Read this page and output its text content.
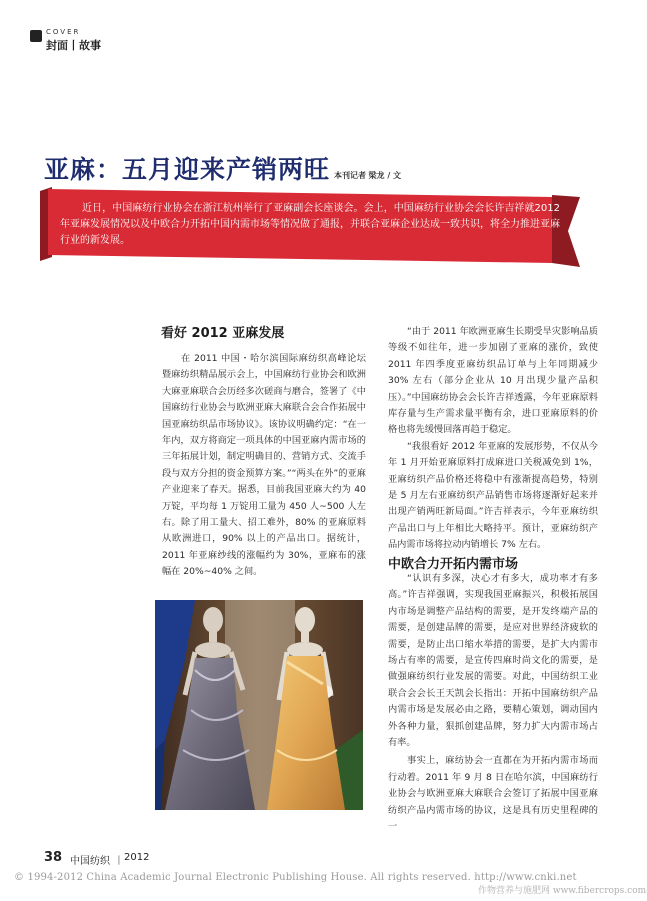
COVER
封面丨故事
亚麻：五月迎来产销两旺 本刊记者 梁龙 / 文

近日，中国麻纺行业协会在浙江杭州举行了亚麻副会长座谈会。会上，中国麻纺行业协会会长许吉祥就2012年亚麻发展情况以及中欧合力开拓中国内需市场等情况做了通报，并联合亚麻企业达成一致共识，将全力推进亚麻行业的新发展。

看好 2012 亚麻发展

在 2011 中国・哈尔滨国际麻纺织高峰论坛暨麻纺织精品展示会上，中国麻纺行业协会和欧洲大麻亚麻联合会历经多次磋商与磨合，签署了《中国麻纺行业协会与欧洲亚麻大麻联合会合作拓展中国亚麻纺织品市场协议》。该协议明确约定：“在一年内，双方将商定一项具体的中国亚麻内需市场的三年拓展计划，制定明确目的、营销方式、交流手段与双方分担的资金预算方案。”“两头在外”的亚麻产业迎来了春天。据悉，目前我国亚麻大约为 40 万锭，平均每 1 万锭用工量为 450 人~500 人左右。除了用工量大、招工难外，80% 的亚麻原料从欧洲进口，90% 以上的产品出口。据统计，2011 年亚麻纱线的涨幅约为 30%，亚麻布的涨幅在 20%~40% 之间。

“由于 2011 年欧洲亚麻生长期受旱灾影响品质等级不如往年，进一步加剧了亚麻的涨价，致使 2011 年四季度亚麻纺织品订单与上年同期减少 30% 左右（部分企业从 10 月出现少量产品积压）。”中国麻纺协会会长许吉祥透露，今年亚麻原料库存量与生产需求量平衡有余，进口亚麻原料的价格也将先缓慢回落再趋于稳定。

“我很看好 2012 年亚麻的发展形势，不仅从今年 1 月开始亚麻原料打成麻进口关税减免到 1%，亚麻纺织产品价格还将稳中有涨渐提高趋势，特别是 5 月左右亚麻纺织产品销售市场将逐渐好起来并出现产销两旺新局面。”许吉祥表示，今年亚麻纺织产品出口与上年相比大略持平。预计，亚麻纺织产品内需市场将拉动内销增长 7% 左右。

中欧合力开拓内需市场

“认识有多深，决心才有多大，成功率才有多高。”许吉祥强调，实现我国亚麻振兴，积极拓展国内市场是调整产品结构的需要，是开发终端产品的需要，是创建品牌的需要，是应对世界经济疲软的需要，是防止出口缩水举措的需要，是扩大内需市场占有率的需要，是宣传四麻时尚文化的需要，是做强麻纺织行业发展的需要。对此，中国纺织工业联合会会长王天凯会长指出：开拓中国麻纺织产品内需市场是发展必由之路，要精心策划，调动国内外各种力量，狠抓创建品牌，努力扩大内需市场占有率。

事实上，麻纺协会一直都在为开拓内需市场而行动着。2011 年 9 月 8 日在哈尔滨，中国麻纺行业协会与欧洲亚麻大麻联合会签订了拓展中国亚麻纺织产品内需市场的协议，这是具有历史里程碑的一

38 中国纺织 丨 2012
© 1994-2012 China Academic Journal Electronic Publishing House. All rights reserved. http://www.cnki.net
作物营养与施肥网 www.fibercrops.com
